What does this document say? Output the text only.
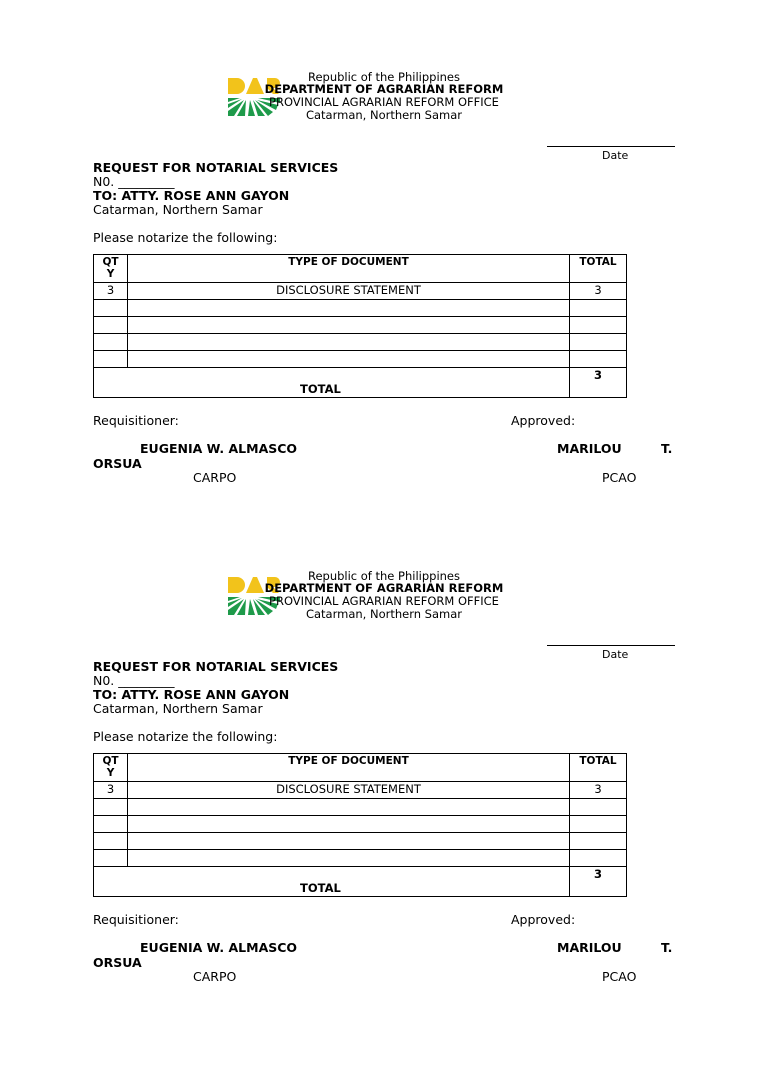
Republic of the Philippines
DEPARTMENT OF AGRARIAN REFORM
PROVINCIAL AGRARIAN REFORM OFFICE
Catarman, Northern Samar
Date
REQUEST FOR NOTARIAL SERVICES
N0. _________
TO: ATTY. ROSE ANN GAYON
Catarman, Northern Samar
Please notarize the following:
QT
Y	TYPE OF DOCUMENT	TOTAL
3	DISCLOSURE STATEMENT	3

TOTAL		3
Requisitioner:	Approved:
EUGENIA W. ALMASCO	MARILOU	T.
ORSUA
CARPO	PCAO
Republic of the Philippines
DEPARTMENT OF AGRARIAN REFORM
PROVINCIAL AGRARIAN REFORM OFFICE
Catarman, Northern Samar
Date
REQUEST FOR NOTARIAL SERVICES
N0. _________
TO: ATTY. ROSE ANN GAYON
Catarman, Northern Samar
Please notarize the following:
QT
Y	TYPE OF DOCUMENT	TOTAL
3	DISCLOSURE STATEMENT	3

TOTAL		3
Requisitioner:	Approved:
EUGENIA W. ALMASCO	MARILOU	T.
ORSUA
CARPO	PCAO
